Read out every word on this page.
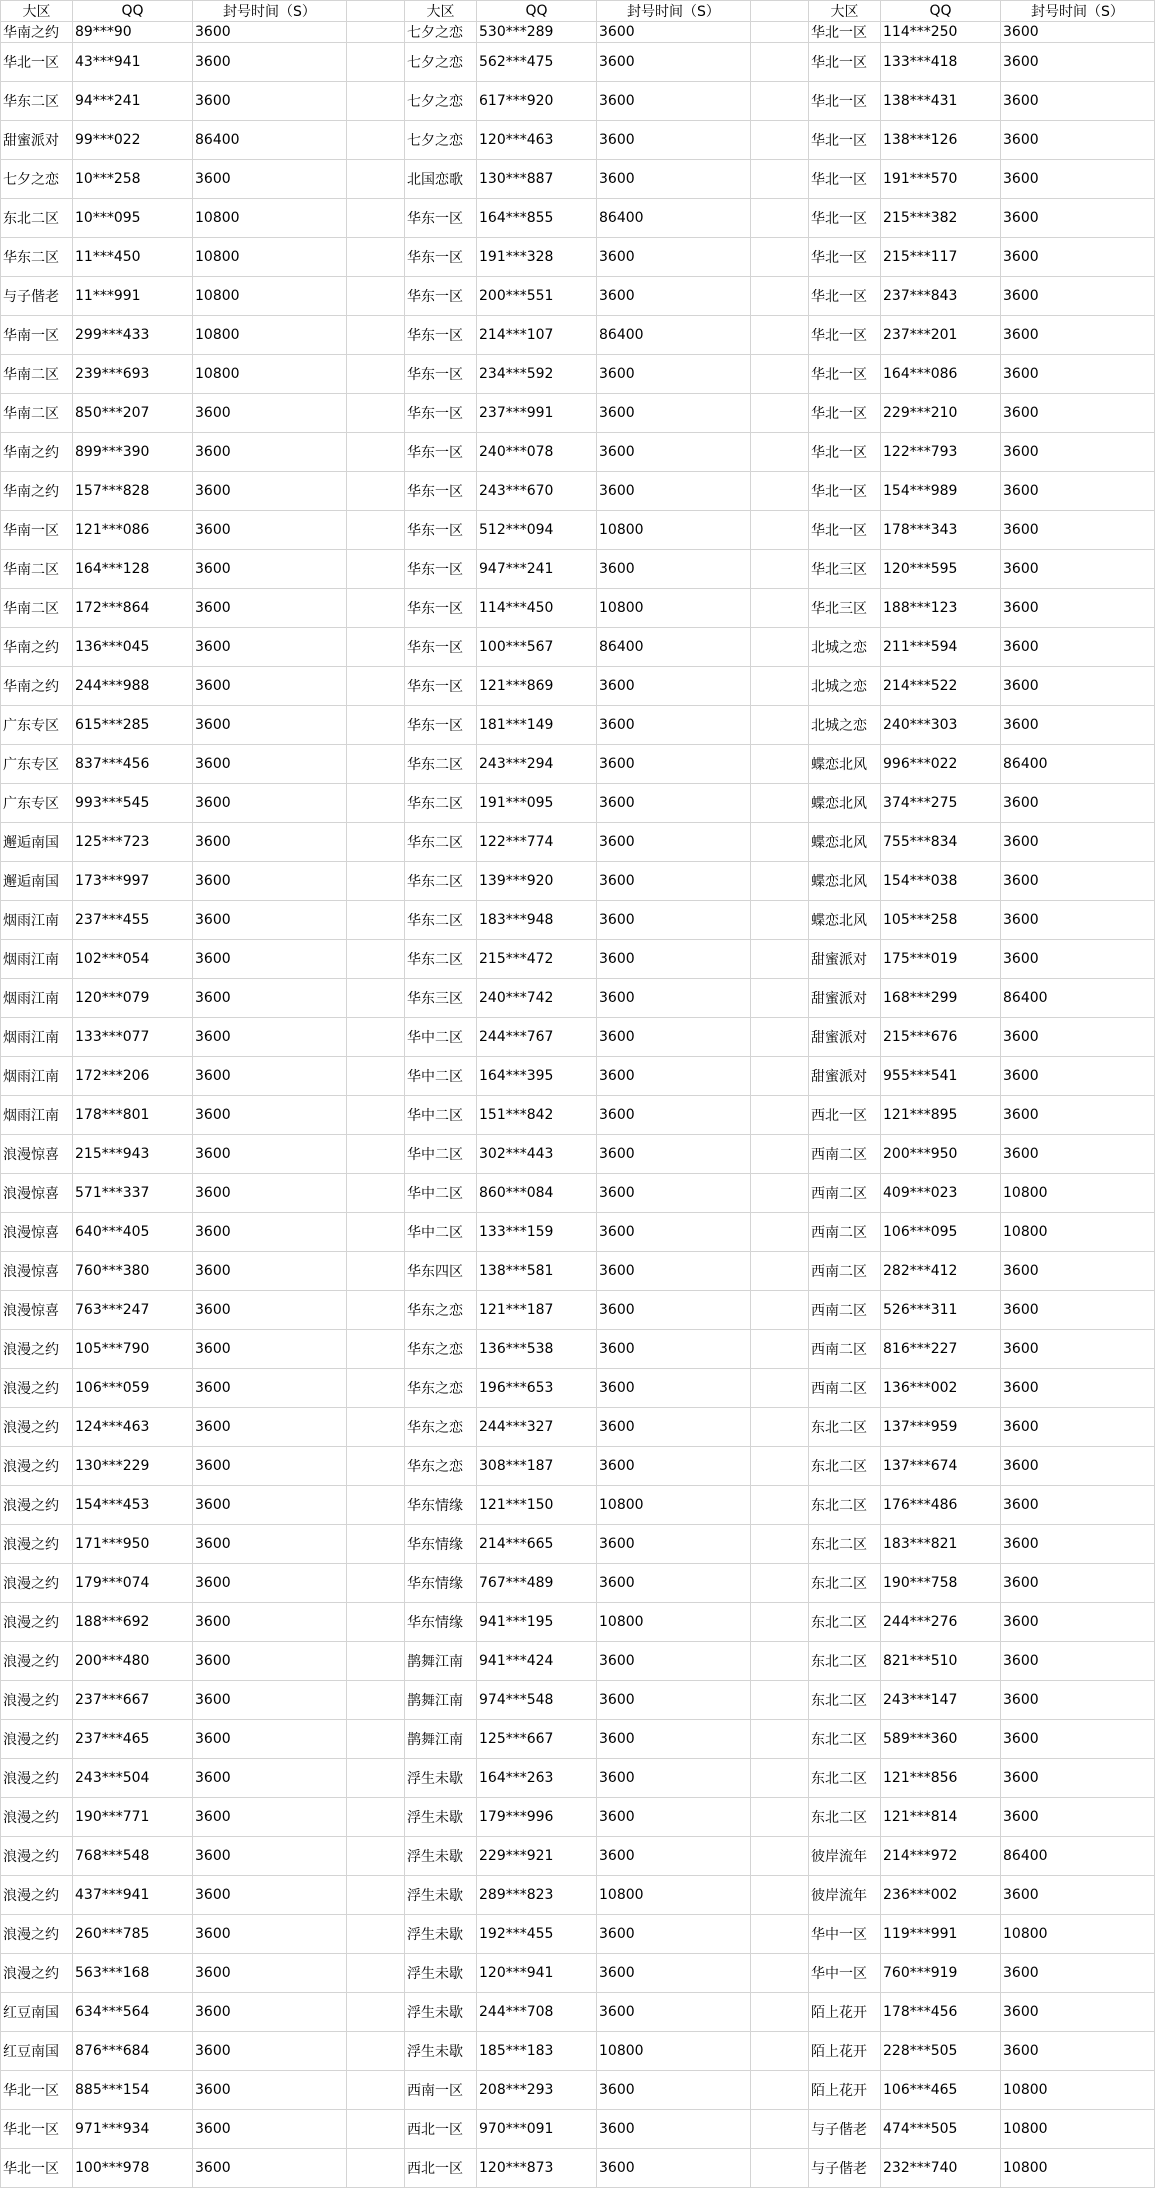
大区	QQ	封号时间（S）		大区	QQ	封号时间（S）		大区	QQ	封号时间（S）
华南之约	89***90	3600		七夕之恋	530***289	3600		华北一区	114***250	3600
华北一区	43***941	3600		七夕之恋	562***475	3600		华北一区	133***418	3600
华东二区	94***241	3600		七夕之恋	617***920	3600		华北一区	138***431	3600
甜蜜派对	99***022	86400		七夕之恋	120***463	3600		华北一区	138***126	3600
七夕之恋	10***258	3600		北国恋歌	130***887	3600		华北一区	191***570	3600
东北二区	10***095	10800		华东一区	164***855	86400		华北一区	215***382	3600
华东二区	11***450	10800		华东一区	191***328	3600		华北一区	215***117	3600
与子偕老	11***991	10800		华东一区	200***551	3600		华北一区	237***843	3600
华南一区	299***433	10800		华东一区	214***107	86400		华北一区	237***201	3600
华南二区	239***693	10800		华东一区	234***592	3600		华北一区	164***086	3600
华南二区	850***207	3600		华东一区	237***991	3600		华北一区	229***210	3600
华南之约	899***390	3600		华东一区	240***078	3600		华北一区	122***793	3600
华南之约	157***828	3600		华东一区	243***670	3600		华北一区	154***989	3600
华南一区	121***086	3600		华东一区	512***094	10800		华北一区	178***343	3600
华南二区	164***128	3600		华东一区	947***241	3600		华北三区	120***595	3600
华南二区	172***864	3600		华东一区	114***450	10800		华北三区	188***123	3600
华南之约	136***045	3600		华东一区	100***567	86400		北城之恋	211***594	3600
华南之约	244***988	3600		华东一区	121***869	3600		北城之恋	214***522	3600
广东专区	615***285	3600		华东一区	181***149	3600		北城之恋	240***303	3600
广东专区	837***456	3600		华东二区	243***294	3600		蝶恋北风	996***022	86400
广东专区	993***545	3600		华东二区	191***095	3600		蝶恋北风	374***275	3600
邂逅南国	125***723	3600		华东二区	122***774	3600		蝶恋北风	755***834	3600
邂逅南国	173***997	3600		华东二区	139***920	3600		蝶恋北风	154***038	3600
烟雨江南	237***455	3600		华东二区	183***948	3600		蝶恋北风	105***258	3600
烟雨江南	102***054	3600		华东二区	215***472	3600		甜蜜派对	175***019	3600
烟雨江南	120***079	3600		华东三区	240***742	3600		甜蜜派对	168***299	86400
烟雨江南	133***077	3600		华中二区	244***767	3600		甜蜜派对	215***676	3600
烟雨江南	172***206	3600		华中二区	164***395	3600		甜蜜派对	955***541	3600
烟雨江南	178***801	3600		华中二区	151***842	3600		西北一区	121***895	3600
浪漫惊喜	215***943	3600		华中二区	302***443	3600		西南二区	200***950	3600
浪漫惊喜	571***337	3600		华中二区	860***084	3600		西南二区	409***023	10800
浪漫惊喜	640***405	3600		华中二区	133***159	3600		西南二区	106***095	10800
浪漫惊喜	760***380	3600		华东四区	138***581	3600		西南二区	282***412	3600
浪漫惊喜	763***247	3600		华东之恋	121***187	3600		西南二区	526***311	3600
浪漫之约	105***790	3600		华东之恋	136***538	3600		西南二区	816***227	3600
浪漫之约	106***059	3600		华东之恋	196***653	3600		西南二区	136***002	3600
浪漫之约	124***463	3600		华东之恋	244***327	3600		东北二区	137***959	3600
浪漫之约	130***229	3600		华东之恋	308***187	3600		东北二区	137***674	3600
浪漫之约	154***453	3600		华东情缘	121***150	10800		东北二区	176***486	3600
浪漫之约	171***950	3600		华东情缘	214***665	3600		东北二区	183***821	3600
浪漫之约	179***074	3600		华东情缘	767***489	3600		东北二区	190***758	3600
浪漫之约	188***692	3600		华东情缘	941***195	10800		东北二区	244***276	3600
浪漫之约	200***480	3600		鹊舞江南	941***424	3600		东北二区	821***510	3600
浪漫之约	237***667	3600		鹊舞江南	974***548	3600		东北二区	243***147	3600
浪漫之约	237***465	3600		鹊舞江南	125***667	3600		东北二区	589***360	3600
浪漫之约	243***504	3600		浮生未歇	164***263	3600		东北二区	121***856	3600
浪漫之约	190***771	3600		浮生未歇	179***996	3600		东北二区	121***814	3600
浪漫之约	768***548	3600		浮生未歇	229***921	3600		彼岸流年	214***972	86400
浪漫之约	437***941	3600		浮生未歇	289***823	10800		彼岸流年	236***002	3600
浪漫之约	260***785	3600		浮生未歇	192***455	3600		华中一区	119***991	10800
浪漫之约	563***168	3600		浮生未歇	120***941	3600		华中一区	760***919	3600
红豆南国	634***564	3600		浮生未歇	244***708	3600		陌上花开	178***456	3600
红豆南国	876***684	3600		浮生未歇	185***183	10800		陌上花开	228***505	3600
华北一区	885***154	3600		西南一区	208***293	3600		陌上花开	106***465	10800
华北一区	971***934	3600		西北一区	970***091	3600		与子偕老	474***505	10800
华北一区	100***978	3600		西北一区	120***873	3600		与子偕老	232***740	10800
